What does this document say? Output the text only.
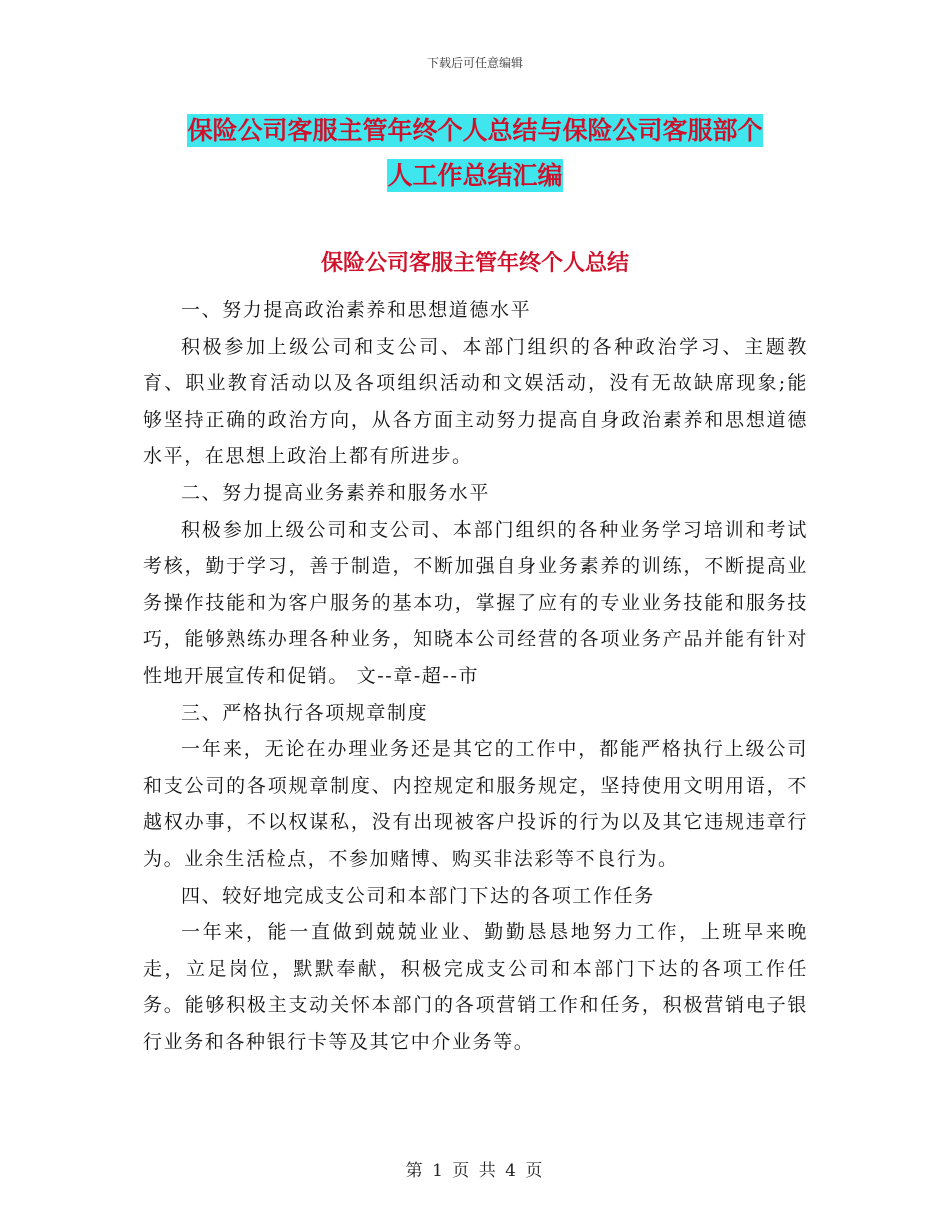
下载后可任意编辑
保险公司客服主管年终个人总结与保险公司客服部个
人工作总结汇编
保险公司客服主管年终个人总结

一、努力提高政治素养和思想道德水平

积极参加上级公司和支公司、本部门组织的各种政治学习、主题教育、职业教育活动以及各项组织活动和文娱活动，没有无故缺席现象;能够坚持正确的政治方向，从各方面主动努力提高自身政治素养和思想道德水平，在思想上政治上都有所进步。

二、努力提高业务素养和服务水平

积极参加上级公司和支公司、本部门组织的各种业务学习培训和考试考核，勤于学习，善于制造，不断加强自身业务素养的训练，不断提高业务操作技能和为客户服务的基本功，掌握了应有的专业业务技能和服务技巧，能够熟练办理各种业务，知晓本公司经营的各项业务产品并能有针对性地开展宣传和促销。 文--章-超--市

三、严格执行各项规章制度

一年来，无论在办理业务还是其它的工作中，都能严格执行上级公司和支公司的各项规章制度、内控规定和服务规定，坚持使用文明用语，不越权办事，不以权谋私，没有出现被客户投诉的行为以及其它违规违章行为。业余生活检点，不参加赌博、购买非法彩等不良行为。

四、较好地完成支公司和本部门下达的各项工作任务

一年来，能一直做到兢兢业业、勤勤恳恳地努力工作，上班早来晚走，立足岗位，默默奉献，积极完成支公司和本部门下达的各项工作任务。能够积极主支动关怀本部门的各项营销工作和任务，积极营销电子银行业务和各种银行卡等及其它中介业务等。

第 1 页 共 4 页
